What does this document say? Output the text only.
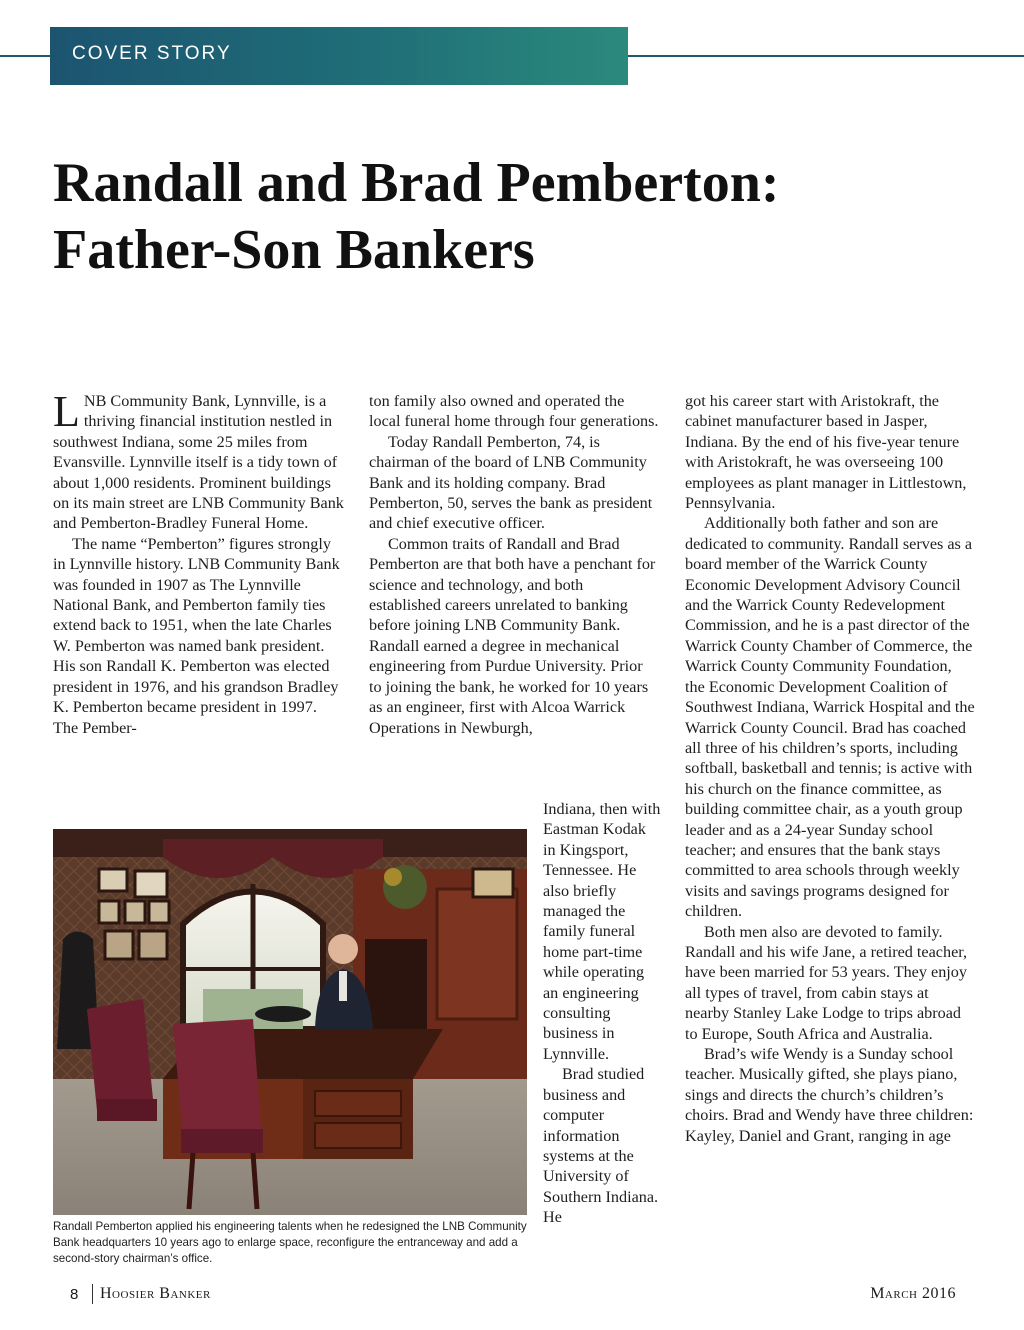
COVER STORY
Randall and Brad Pemberton:
Father-Son Bankers

LNB Community Bank, Lynnville, is a thriving financial institution nestled in southwest Indiana, some 25 miles from Evansville. Lynnville itself is a tidy town of about 1,000 residents. Prominent buildings on its main street are LNB Community Bank and Pemberton-Bradley Funeral Home.

The name “Pemberton” figures strongly in Lynnville history. LNB Community Bank was founded in 1907 as The Lynnville National Bank, and Pemberton family ties extend back to 1951, when the late Charles W. Pemberton was named bank president. His son Randall K. Pemberton was elected president in 1976, and his grandson Bradley K. Pemberton became president in 1997. The Pember-

ton family also owned and operated the local funeral home through four generations.

Today Randall Pemberton, 74, is chairman of the board of LNB Community Bank and its holding company. Brad Pemberton, 50, serves the bank as president and chief executive officer.

Common traits of Randall and Brad Pemberton are that both have a penchant for science and technology, and both established careers unrelated to banking before joining LNB Community Bank. Randall earned a degree in mechanical engineering from Purdue University. Prior to joining the bank, he worked for 10 years as an engineer, first with Alcoa Warrick Operations in Newburgh,

Indiana, then with Eastman Kodak in Kingsport, Tennessee. He also briefly managed the family funeral home part-time while operating an engineering consulting business in Lynnville.

Brad studied business and computer information systems at the University of Southern Indiana. He

got his career start with Aristokraft, the cabinet manufacturer based in Jasper, Indiana. By the end of his five-year tenure with Aristokraft, he was overseeing 100 employees as plant manager in Littlestown, Pennsylvania.

Additionally both father and son are dedicated to community. Randall serves as a board member of the Warrick County Economic Development Advisory Council and the Warrick County Redevelopment Commission, and he is a past director of the Warrick County Chamber of Commerce, the Warrick County Community Foundation, the Economic Development Coalition of Southwest Indiana, Warrick Hospital and the Warrick County Council. Brad has coached all three of his children’s sports, including softball, basketball and tennis; is active with his church on the finance committee, as building committee chair, as a youth group leader and as a 24-year Sunday school teacher; and ensures that the bank stays committed to area schools through weekly visits and savings programs designed for children.

Both men also are devoted to family. Randall and his wife Jane, a retired teacher, have been married for 53 years. They enjoy all types of travel, from cabin stays at nearby Stanley Lake Lodge to trips abroad to Europe, South Africa and Australia.

Brad’s wife Wendy is a Sunday school teacher. Musically gifted, she plays piano, sings and directs the church’s children’s choirs. Brad and Wendy have three children: Kayley, Daniel and Grant, ranging in age

Randall Pemberton applied his engineering talents when he redesigned the LNB Community Bank headquarters 10 years ago to enlarge space, reconfigure the entranceway and add a second-story chairman’s office.

8 Hoosier Banker	March 2016
